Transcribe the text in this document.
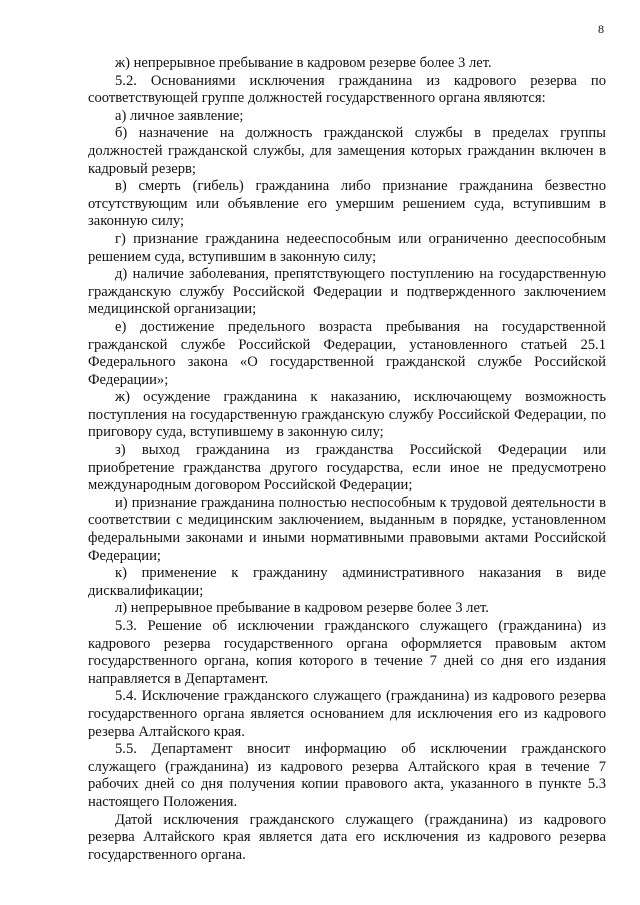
8

ж) непрерывное пребывание в кадровом резерве более 3 лет.

5.2. Основаниями исключения гражданина из кадрового резерва по соответствующей группе должностей государственного органа являются:

а) личное заявление;

б) назначение на должность гражданской службы в пределах группы должностей гражданской службы, для замещения которых гражданин включен в кадровый резерв;

в) смерть (гибель) гражданина либо признание гражданина безвестно отсутствующим или объявление его умершим решением суда, вступившим в законную силу;

г) признание гражданина недееспособным или ограниченно дееспособным решением суда, вступившим в законную силу;

д) наличие заболевания, препятствующего поступлению на государственную гражданскую службу Российской Федерации и подтвержденного заключением медицинской организации;

е) достижение предельного возраста пребывания на государственной гражданской службе Российской Федерации, установленного статьей 25.1 Федерального закона «О государственной гражданской службе Российской Федерации»;

ж) осуждение гражданина к наказанию, исключающему возможность поступления на государственную гражданскую службу Российской Федерации, по приговору суда, вступившему в законную силу;

з) выход гражданина из гражданства Российской Федерации или приобретение гражданства другого государства, если иное не предусмотрено международным договором Российской Федерации;

и) признание гражданина полностью неспособным к трудовой деятельности в соответствии с медицинским заключением, выданным в порядке, установленном федеральными законами и иными нормативными правовыми актами Российской Федерации;

к) применение к гражданину административного наказания в виде дисквалификации;

л) непрерывное пребывание в кадровом резерве более 3 лет.

5.3. Решение об исключении гражданского служащего (гражданина) из кадрового резерва государственного органа оформляется правовым актом государственного органа, копия которого в течение 7 дней со дня его издания направляется в Департамент.

5.4. Исключение гражданского служащего (гражданина) из кадрового резерва государственного органа является основанием для исключения его из кадрового резерва Алтайского края.

5.5. Департамент вносит информацию об исключении гражданского служащего (гражданина) из кадрового резерва Алтайского края в течение 7 рабочих дней со дня получения копии правового акта, указанного в пункте 5.3 настоящего Положения.

Датой исключения гражданского служащего (гражданина) из кадрового резерва Алтайского края является дата его исключения из кадрового резерва государственного органа.
